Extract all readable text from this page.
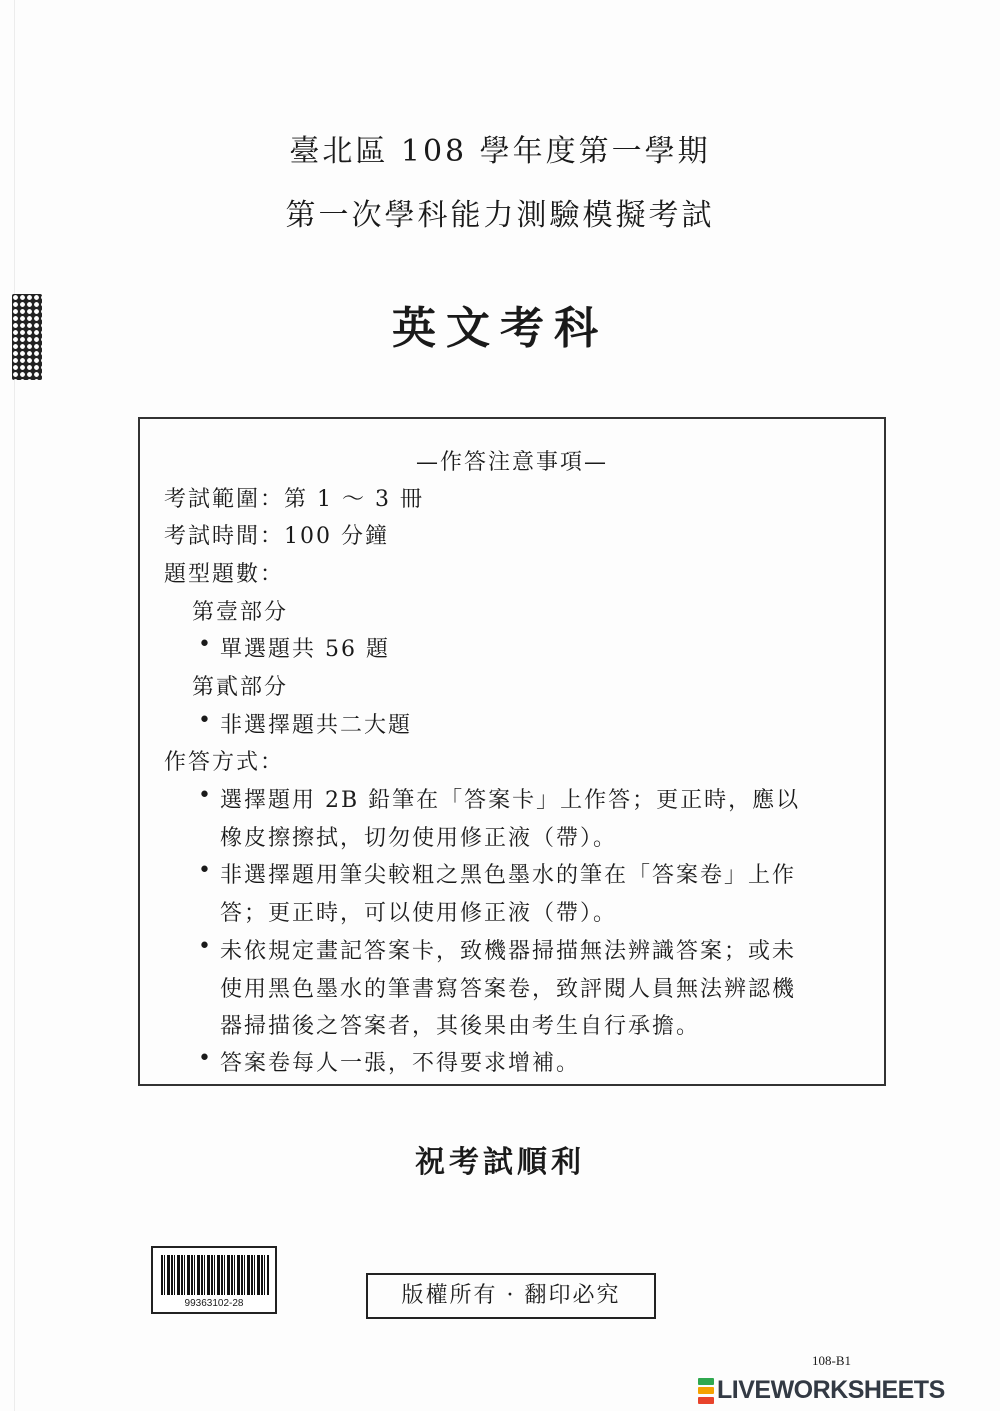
臺北區 108 學年度第一學期
第一次學科能力測驗模擬考試
英文考科
—作答注意事項—
考試範圍：第 1 ～ 3 冊
考試時間：100 分鐘
題型題數：
第壹部分
• 單選題共 56 題
第貳部分
• 非選擇題共二大題
作答方式：
• 選擇題用 2B 鉛筆在「答案卡」上作答；更正時，應以
橡皮擦擦拭，切勿使用修正液（帶）。
• 非選擇題用筆尖較粗之黑色墨水的筆在「答案卷」上作
答；更正時，可以使用修正液（帶）。
• 未依規定畫記答案卡，致機器掃描無法辨識答案；或未
使用黑色墨水的筆書寫答案卷，致評閱人員無法辨認機
器掃描後之答案者，其後果由考生自行承擔。
• 答案卷每人一張，不得要求增補。
祝考試順利
99363102-28	版權所有 · 翻印必究
108-B1
LIVEWORKSHEETS
